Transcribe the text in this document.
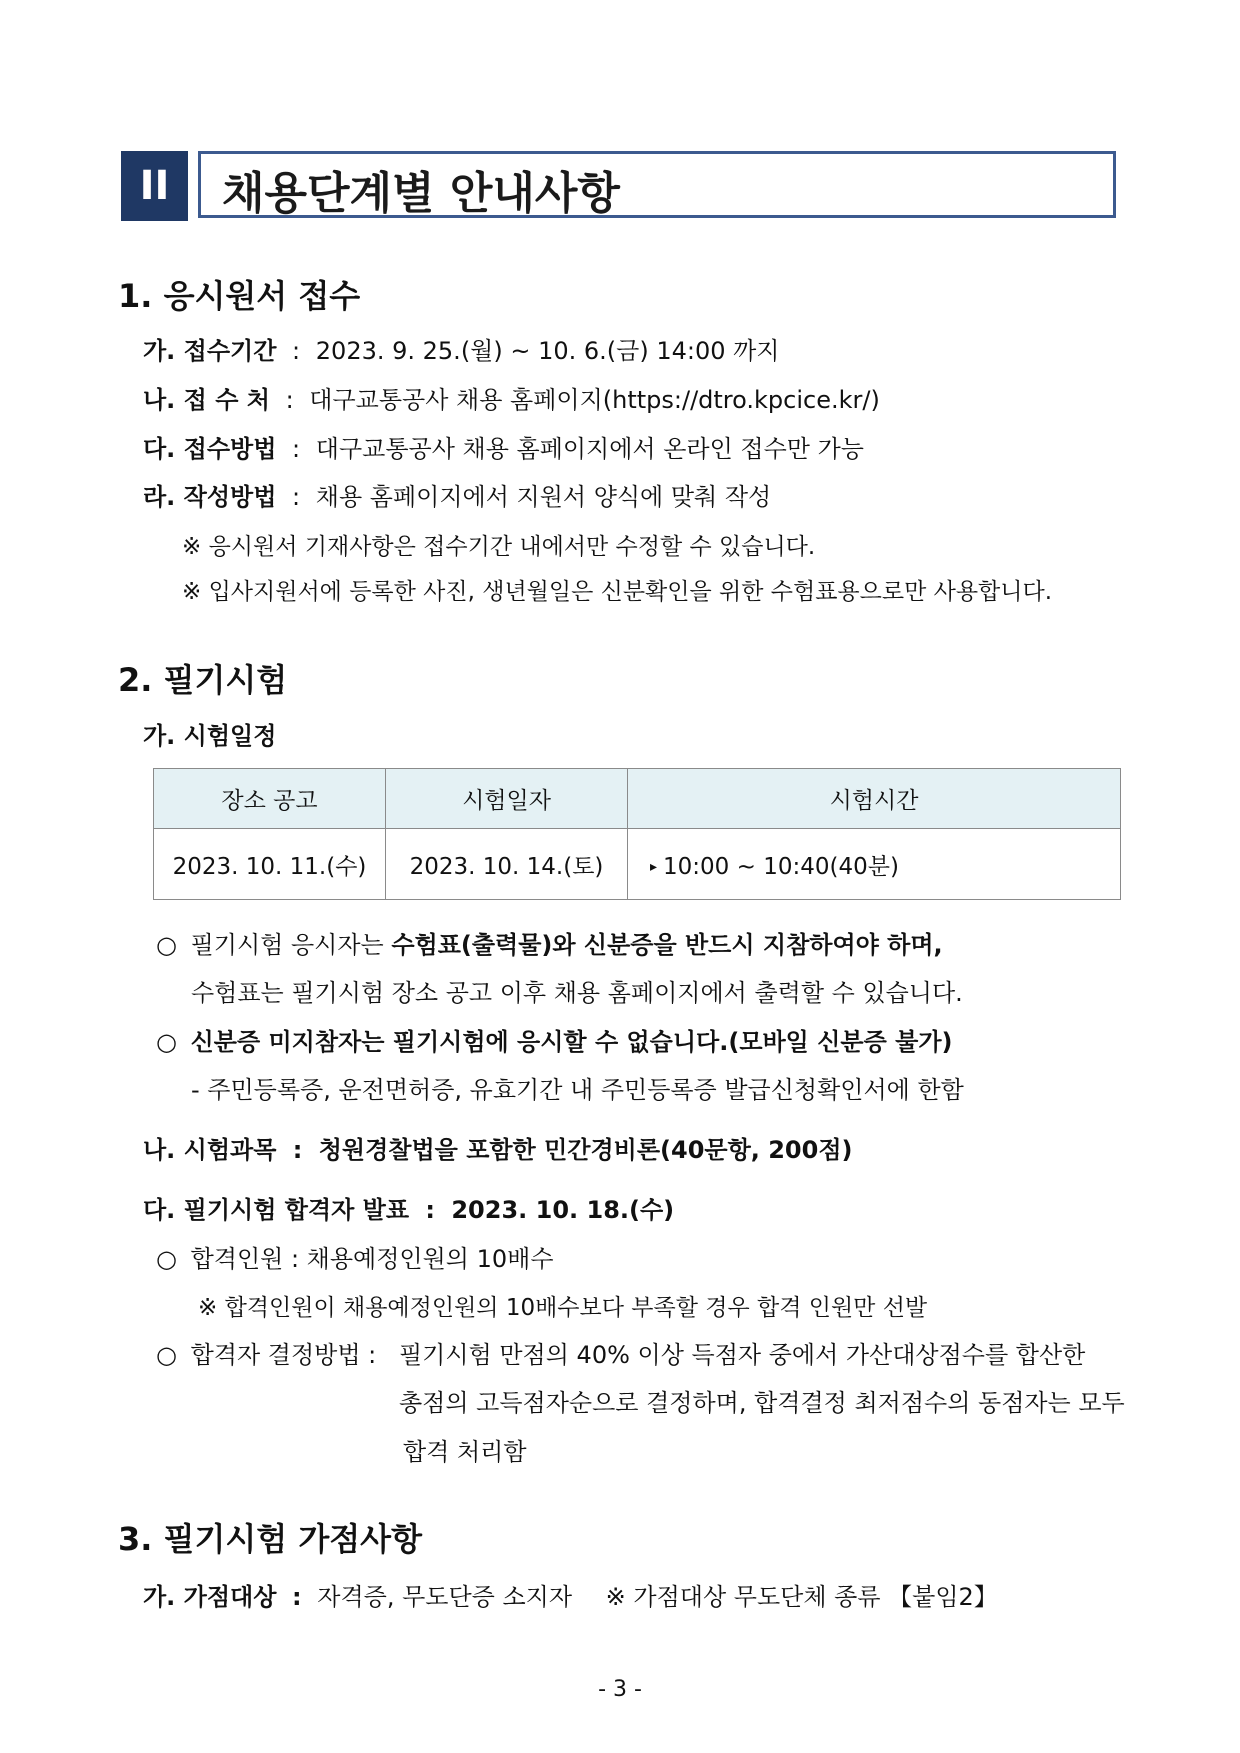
II	채용단계별 안내사항
1. 응시원서 접수
가. 접수기간 : 2023. 9. 25.(월) ~ 10. 6.(금) 14:00 까지
나. 접 수 처 : 대구교통공사 채용 홈페이지(https://dtro.kpcice.kr/)
다. 접수방법 : 대구교통공사 채용 홈페이지에서 온라인 접수만 가능
라. 작성방법 : 채용 홈페이지에서 지원서 양식에 맞춰 작성
※ 응시원서 기재사항은 접수기간 내에서만 수정할 수 있습니다.
※ 입사지원서에 등록한 사진, 생년월일은 신분확인을 위한 수험표용으로만 사용합니다.
2. 필기시험
가. 시험일정
장소 공고	시험일자	시험시간
2023. 10. 11.(수)	2023. 10. 14.(토)	▸ 10:00 ~ 10:40(40분)
○ 필기시험 응시자는 수험표(출력물)와 신분증을 반드시 지참하여야 하며,
수험표는 필기시험 장소 공고 이후 채용 홈페이지에서 출력할 수 있습니다.
○ 신분증 미지참자는 필기시험에 응시할 수 없습니다.(모바일 신분증 불가)
- 주민등록증, 운전면허증, 유효기간 내 주민등록증 발급신청확인서에 한함
나. 시험과목 : 청원경찰법을 포함한 민간경비론(40문항, 200점)
다. 필기시험 합격자 발표 : 2023. 10. 18.(수)
○ 합격인원 : 채용예정인원의 10배수
※ 합격인원이 채용예정인원의 10배수보다 부족할 경우 합격 인원만 선발
○ 합격자 결정방법 : 필기시험 만점의 40% 이상 득점자 중에서 가산대상점수를 합산한
총점의 고득점자순으로 결정하며, 합격결정 최저점수의 동점자는 모두
합격 처리함
3. 필기시험 가점사항
가. 가점대상 : 자격증, 무도단증 소지자 ※ 가점대상 무도단체 종류 【붙임2】
- 3 -
